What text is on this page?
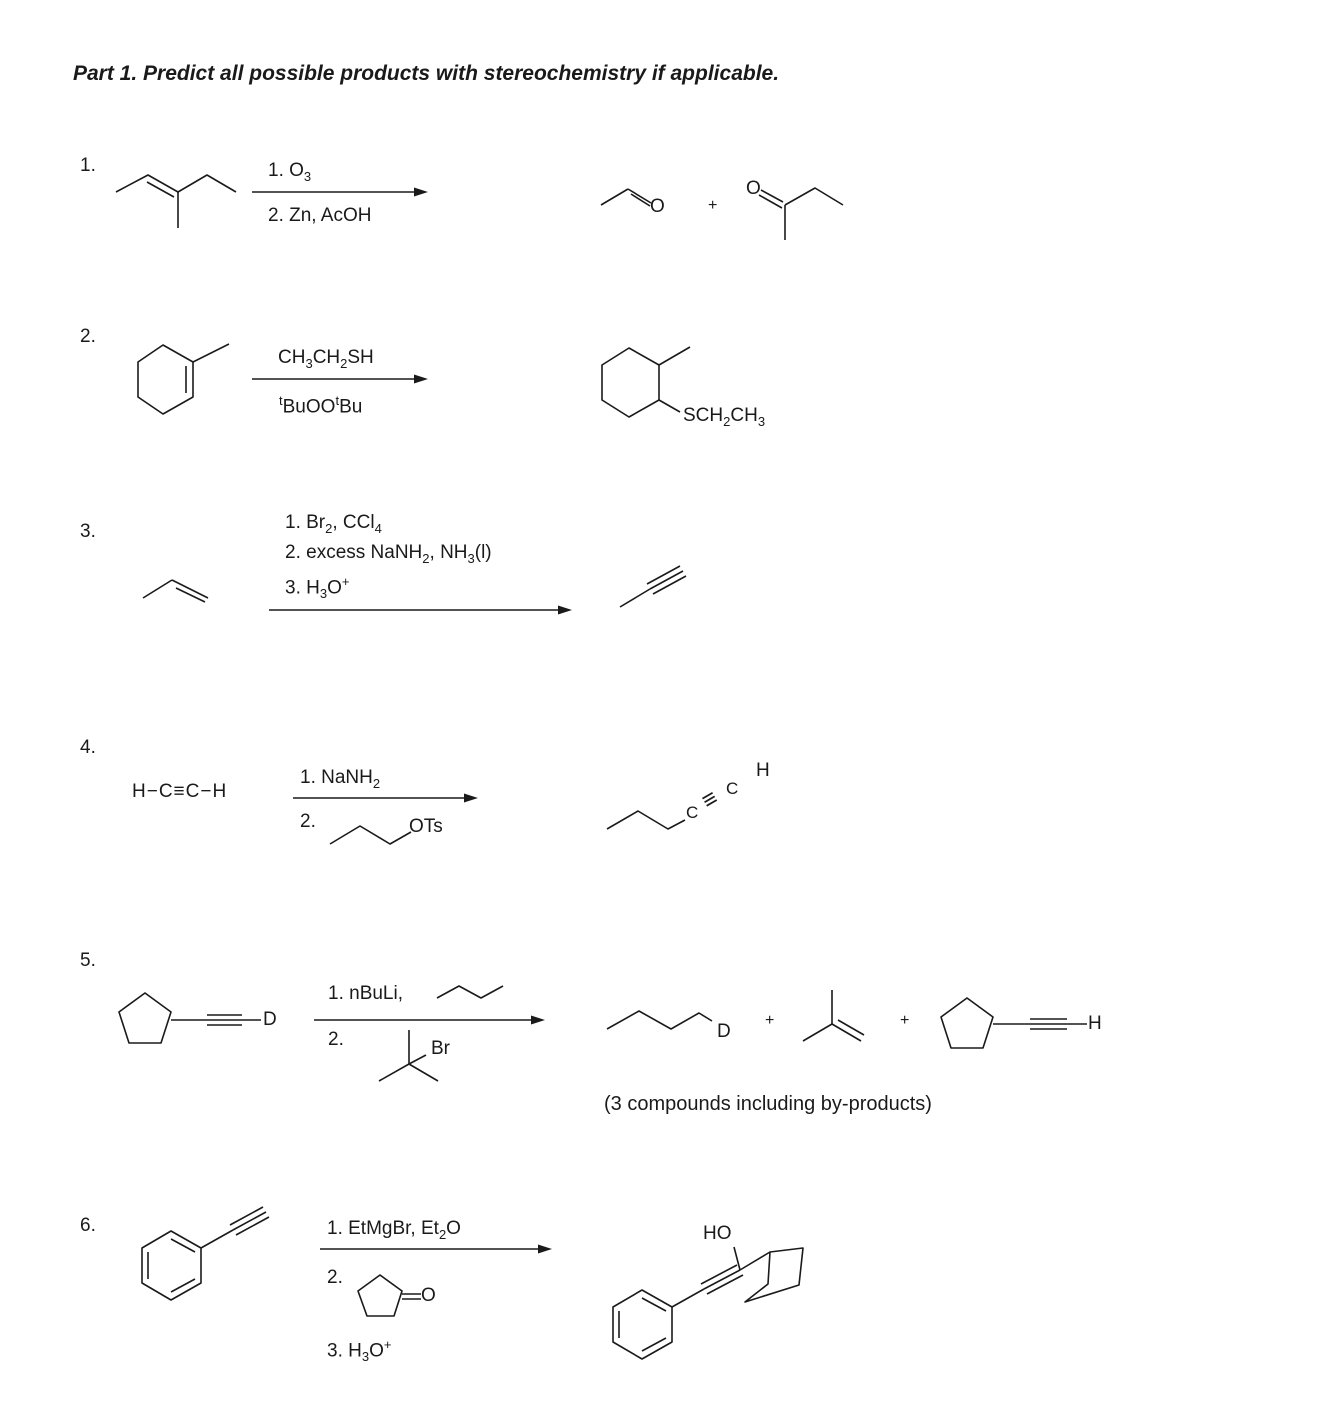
Part 1. Predict all possible products with stereochemistry if applicable.
1.
2.
3.
4.
5.
6.
1. $O_3$
2. Zn, AcOH	O	+
O
$CH_3CH_2SH$
$^t$BuOO$^t$Bu	$SCH_2CH_3$
1. $Br_2$, CCl$_4$
2. excess NaNH$_2$, $NH_3(l)$
3. $H_3O^+$
H−C≡C−H
1. NaNH$_2$
2.	OTs
C
≡ C
H
D
1. nBuLi,
2.	Br
D
+	+	H
(3 compounds including by-products)
1. EtMgBr, $Et_2O$
2.
O
3. $H_3O^+$
HO
